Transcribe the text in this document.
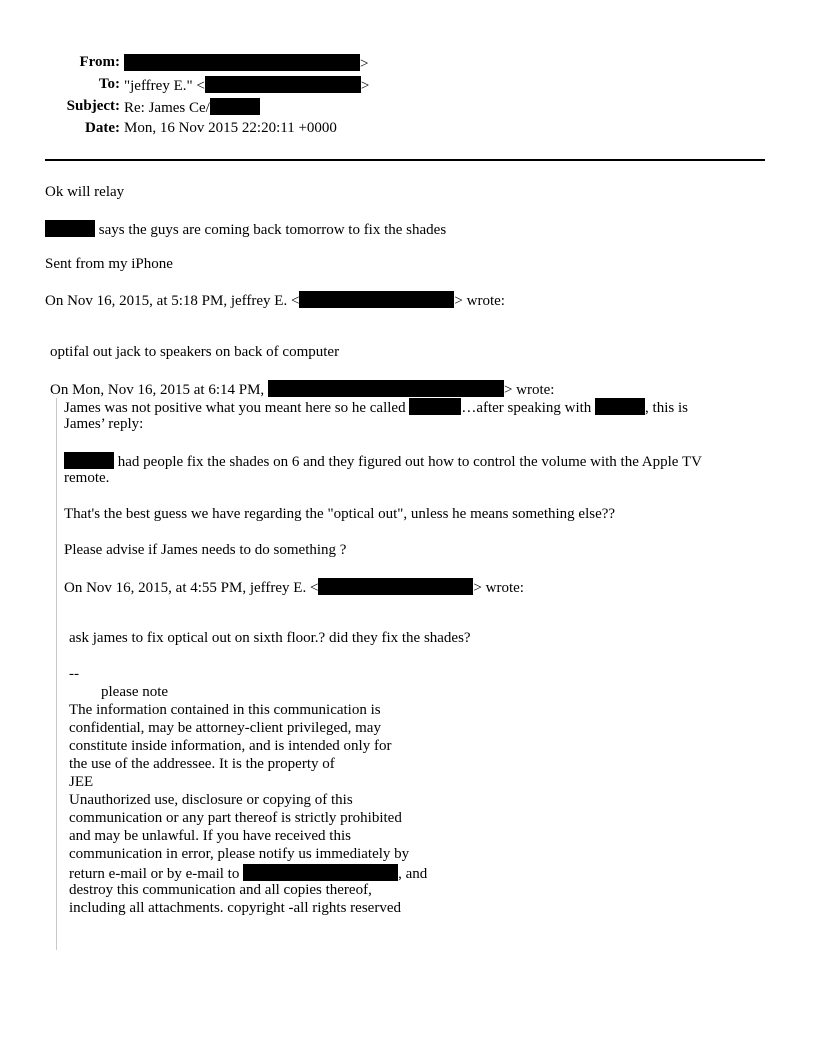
From:	>
To: "jeffrey E." <	>
Subject: Re: James Ce/
Date: Mon, 16 Nov 2015 22:20:11 +0000
Ok will relay
says the guys are coming back tomorrow to fix the shades
Sent from my iPhone
On Nov 16, 2015, at 5:18 PM, jeffrey E. <	> wrote:
optifal out jack to speakers on back of computer
On Mon, Nov 16, 2015 at 6:14 PM,	> wrote:
James was not positive what you meant here so he called	…after speaking with	, this is
James’ reply:
had people fix the shades on 6 and they figured out how to control the volume with the Apple TV
remote.
That's the best guess we have regarding the "optical out", unless he means something else??
Please advise if James needs to do something ?
On Nov 16, 2015, at 4:55 PM, jeffrey E. <	> wrote:
ask james to fix optical out on sixth floor.? did they fix the shades?
--
please note
The information contained in this communication is
confidential, may be attorney-client privileged, may
constitute inside information, and is intended only for
the use of the addressee. It is the property of
JEE
Unauthorized use, disclosure or copying of this
communication or any part thereof is strictly prohibited
and may be unlawful. If you have received this
communication in error, please notify us immediately by
return e-mail or by e-mail to	, and
destroy this communication and all copies thereof,
including all attachments. copyright -all rights reserved
